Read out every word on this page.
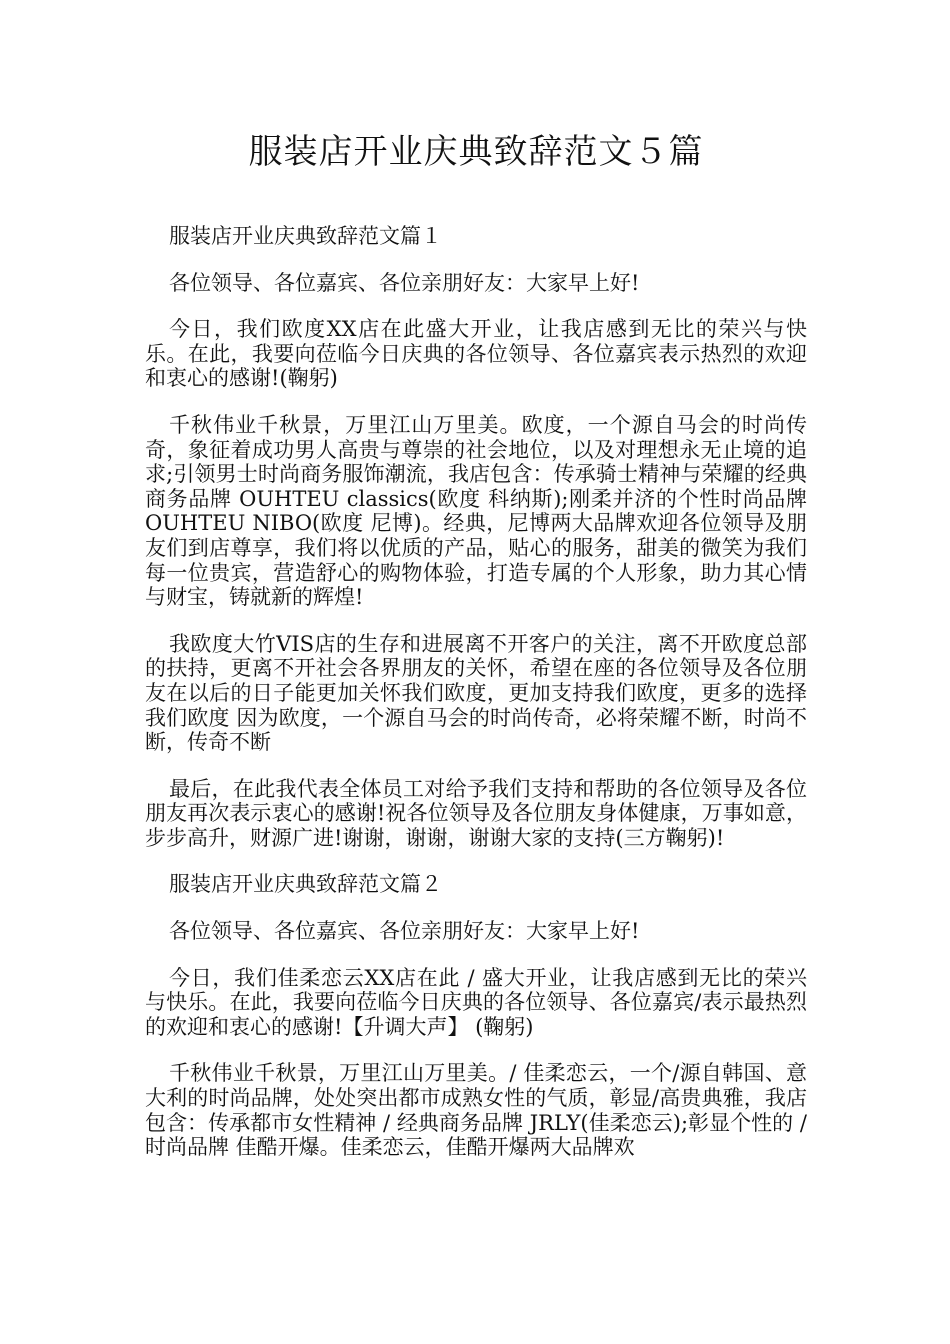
服装店开业庆典致辞范文５篇

服装店开业庆典致辞范文篇１

各位领导、各位嘉宾、各位亲朋好友：大家早上好!

今日，我们欧度XX店在此盛大开业，让我店感到无比的荣兴与快乐。在此，我要向莅临今日庆典的各位领导、各位嘉宾表示热烈的欢迎和衷心的感谢!(鞠躬)

千秋伟业千秋景，万里江山万里美。欧度，一个源自马会的时尚传奇，象征着成功男人高贵与尊崇的社会地位，以及对理想永无止境的追求;引领男士时尚商务服饰潮流，我店包含：传承骑士精神与荣耀的经典商务品牌 OUHTEU classics(欧度 科纳斯);刚柔并济的个性时尚品牌 OUHTEU NIBO(欧度 尼博)。经典，尼博两大品牌欢迎各位领导及朋友们到店尊享，我们将以优质的产品，贴心的服务，甜美的微笑为我们每一位贵宾，营造舒心的购物体验，打造专属的个人形象，助力其心情与财宝，铸就新的辉煌!

我欧度大竹VIS店的生存和进展离不开客户的关注，离不开欧度总部的扶持，更离不开社会各界朋友的关怀，希望在座的各位领导及各位朋友在以后的日子能更加关怀我们欧度，更加支持我们欧度，更多的选择我们欧度 因为欧度，一个源自马会的时尚传奇，必将荣耀不断，时尚不断，传奇不断

最后，在此我代表全体员工对给予我们支持和帮助的各位领导及各位朋友再次表示衷心的感谢!祝各位领导及各位朋友身体健康，万事如意，步步高升，财源广进!谢谢，谢谢，谢谢大家的支持(三方鞠躬)!

服装店开业庆典致辞范文篇２

各位领导、各位嘉宾、各位亲朋好友：大家早上好!

今日，我们佳柔恋云XX店在此 / 盛大开业，让我店感到无比的荣兴与快乐。在此，我要向莅临今日庆典的各位领导、各位嘉宾/表示最热烈的欢迎和衷心的感谢!【升调大声】 (鞠躬)

千秋伟业千秋景，万里江山万里美。/ 佳柔恋云，一个/源自韩国、意大利的时尚品牌，处处突出都市成熟女性的气质，彰显/高贵典雅，我店包含：传承都市女性精神 / 经典商务品牌 JRLY(佳柔恋云);彰显个性的 / 时尚品牌 佳酷开爆。佳柔恋云，佳酷开爆两大品牌欢
